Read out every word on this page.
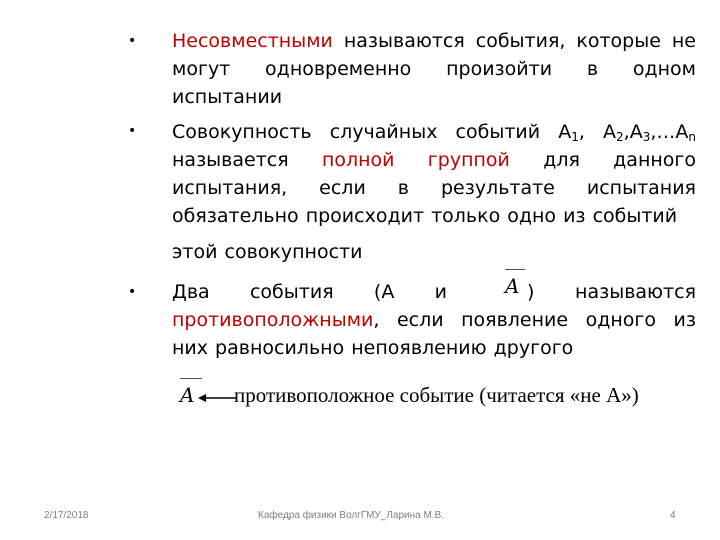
•
•
•
Несовместными называются события, которые не
могут одновременно произойти в одном
испытании
Совокупность случайных событий $А_1$, $А_2,А_3,\dots А_n$
называется полной группой для данного
испытания, если в результате испытания
обязательно происходит только одно из событий
этой совокупности
Два события (А и	) называются
противоположными, если появление одного из
них равносильно непоявлению другого
A
A противоположное событие (читается «не А»)
2/17/2018	Кафедра физики ВолгГМУ_Ларина М.В.	4
